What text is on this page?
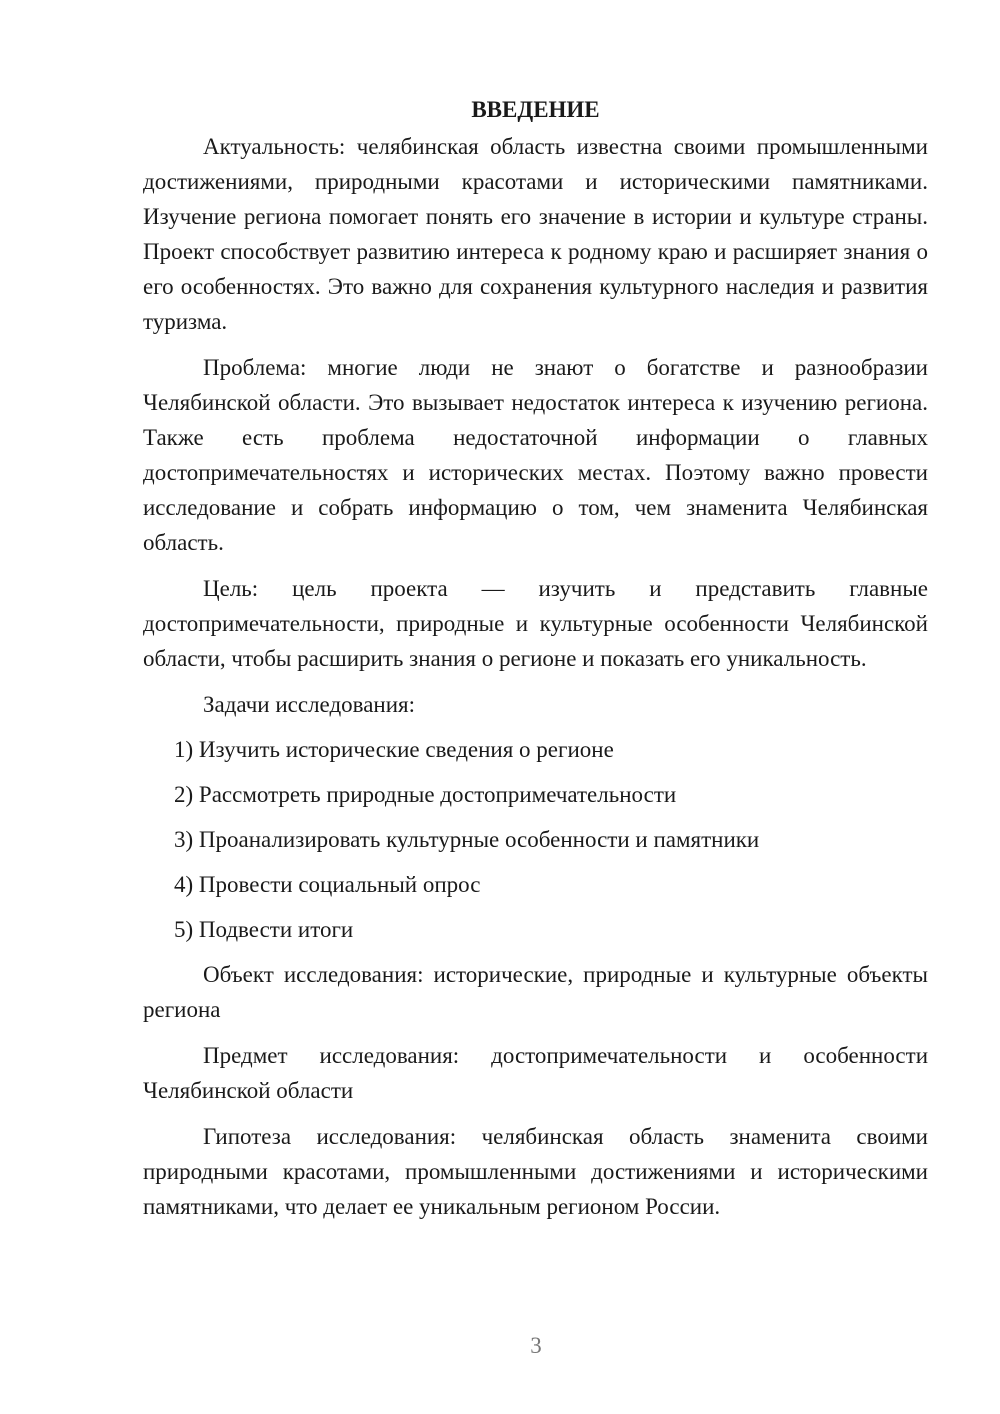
ВВЕДЕНИЕ

Актуальность: челябинская область известна своими промышленными достижениями, природными красотами и историческими памятниками. Изучение региона помогает понять его значение в истории и культуре страны. Проект способствует развитию интереса к родному краю и расширяет знания о его особенностях. Это важно для сохранения культурного наследия и развития туризма.

Проблема: многие люди не знают о богатстве и разнообразии Челябинской области. Это вызывает недостаток интереса к изучению региона. Также есть проблема недостаточной информации о главных достопримечательностях и исторических местах. Поэтому важно провести исследование и собрать информацию о том, чем знаменита Челябинская область.

Цель: цель проекта — изучить и представить главные достопримечательности, природные и культурные особенности Челябинской области, чтобы расширить знания о регионе и показать его уникальность.

Задачи исследования:

1) Изучить исторические сведения о регионе
2) Рассмотреть природные достопримечательности
3) Проанализировать культурные особенности и памятники
4) Провести социальный опрос
5) Подвести итоги

Объект исследования: исторические, природные и культурные объекты региона

Предмет исследования: достопримечательности и особенности Челябинской области

Гипотеза исследования: челябинская область знаменита своими природными красотами, промышленными достижениями и историческими памятниками, что делает ее уникальным регионом России.

3
